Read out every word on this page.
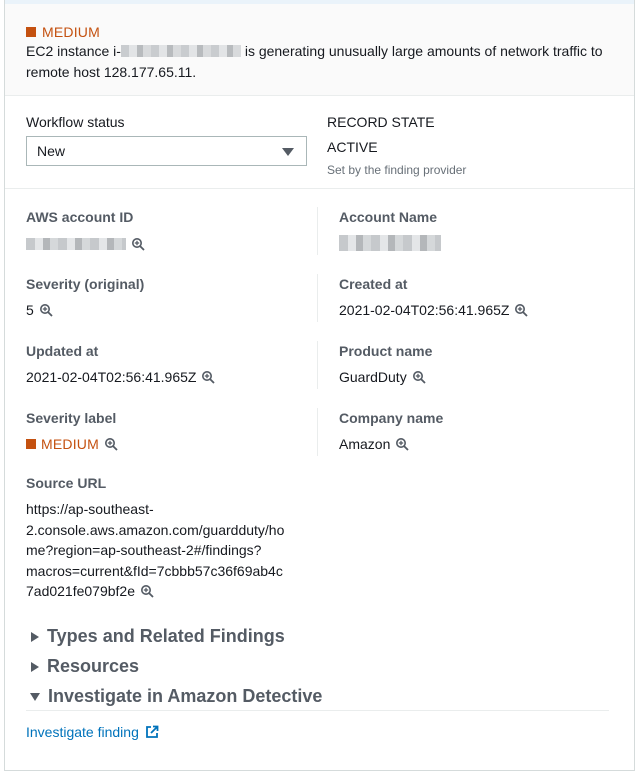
MEDIUM
EC2 instance i-	is generating unusually large amounts of network traffic to remote host 128.177.65.11.
Workflow status
New
RECORD STATE
ACTIVE
Set by the finding provider
AWS account ID	Account Name
Severity (original)
5
Created at
2021-02-04T02:56:41.965Z
Updated at
2021-02-04T02:56:41.965Z
Product name
GuardDuty
Severity label
MEDIUM
Company name
Amazon
Source URL
https://ap-southeast-
2.console.aws.amazon.com/guardduty/ho
me?region=ap-southeast-2#/findings?
macros=current&fId=7cbbb57c36f69ab4c
7ad021fe079bf2e
Types and Related Findings
Resources
Investigate in Amazon Detective
Investigate finding
